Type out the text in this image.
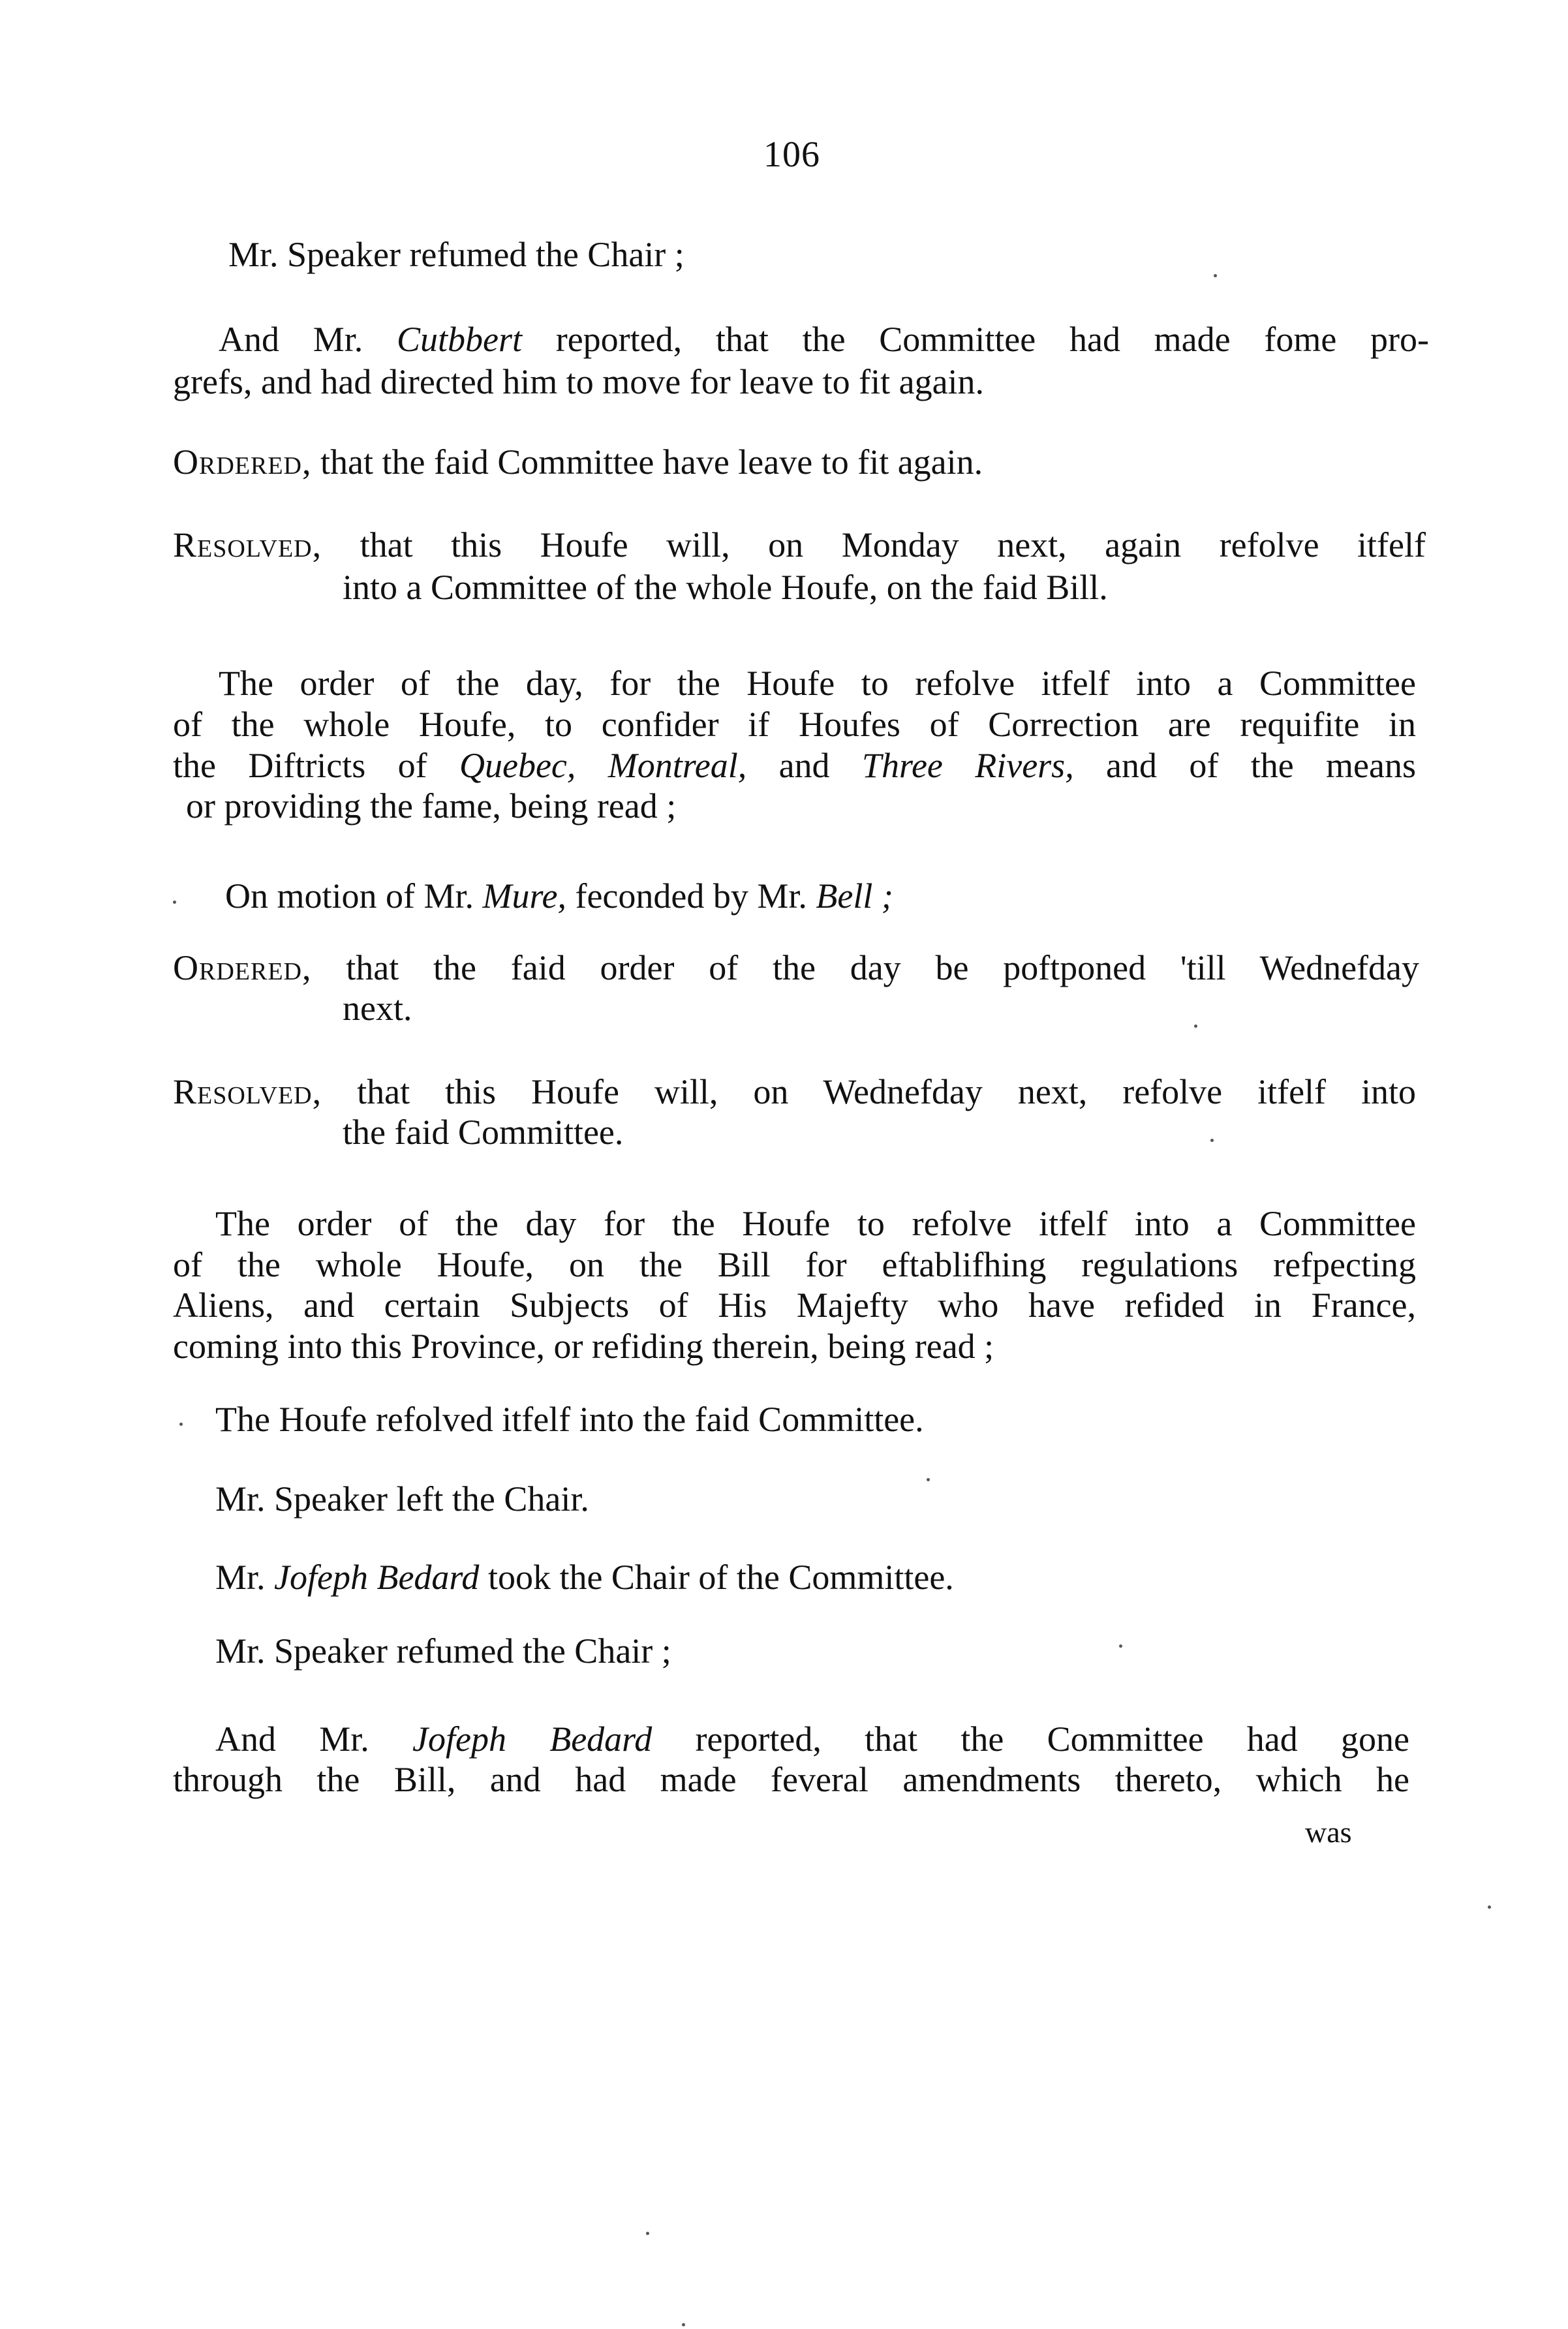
106
Mr. Speaker refumed the Chair ;
And Mr. Cutbbert reported, that the Committee had made fome pro-
grefs, and had directed him to move for leave to fit again.
Ordered, that the faid Committee have leave to fit again.
Resolved, that this Houfe will, on Monday next, again refolve itfelf
into a Committee of the whole Houfe, on the faid Bill.
The order of the day, for the Houfe to refolve itfelf into a Committee
of the whole Houfe, to confider if Houfes of Correction are requifite in
the Diftricts of Quebec, Montreal, and Three Rivers, and of the means
or providing the fame, being read ;
On motion of Mr. Mure, feconded by Mr. Bell ;
Ordered, that the faid order of the day be poftponed 'till Wednefday
next.
Resolved, that this Houfe will, on Wednefday next, refolve itfelf into
the faid Committee.
The order of the day for the Houfe to refolve itfelf into a Committee
of the whole Houfe, on the Bill for eftablifhing regulations refpecting
Aliens, and certain Subjects of His Majefty who have refided in France,
coming into this Province, or refiding therein, being read ;
The Houfe refolved itfelf into the faid Committee.
Mr. Speaker left the Chair.
Mr. Jofeph Bedard took the Chair of the Committee.
Mr. Speaker refumed the Chair ;
And Mr. Jofeph Bedard reported, that the Committee had gone
through the Bill, and had made feveral amendments thereto, which he
was
